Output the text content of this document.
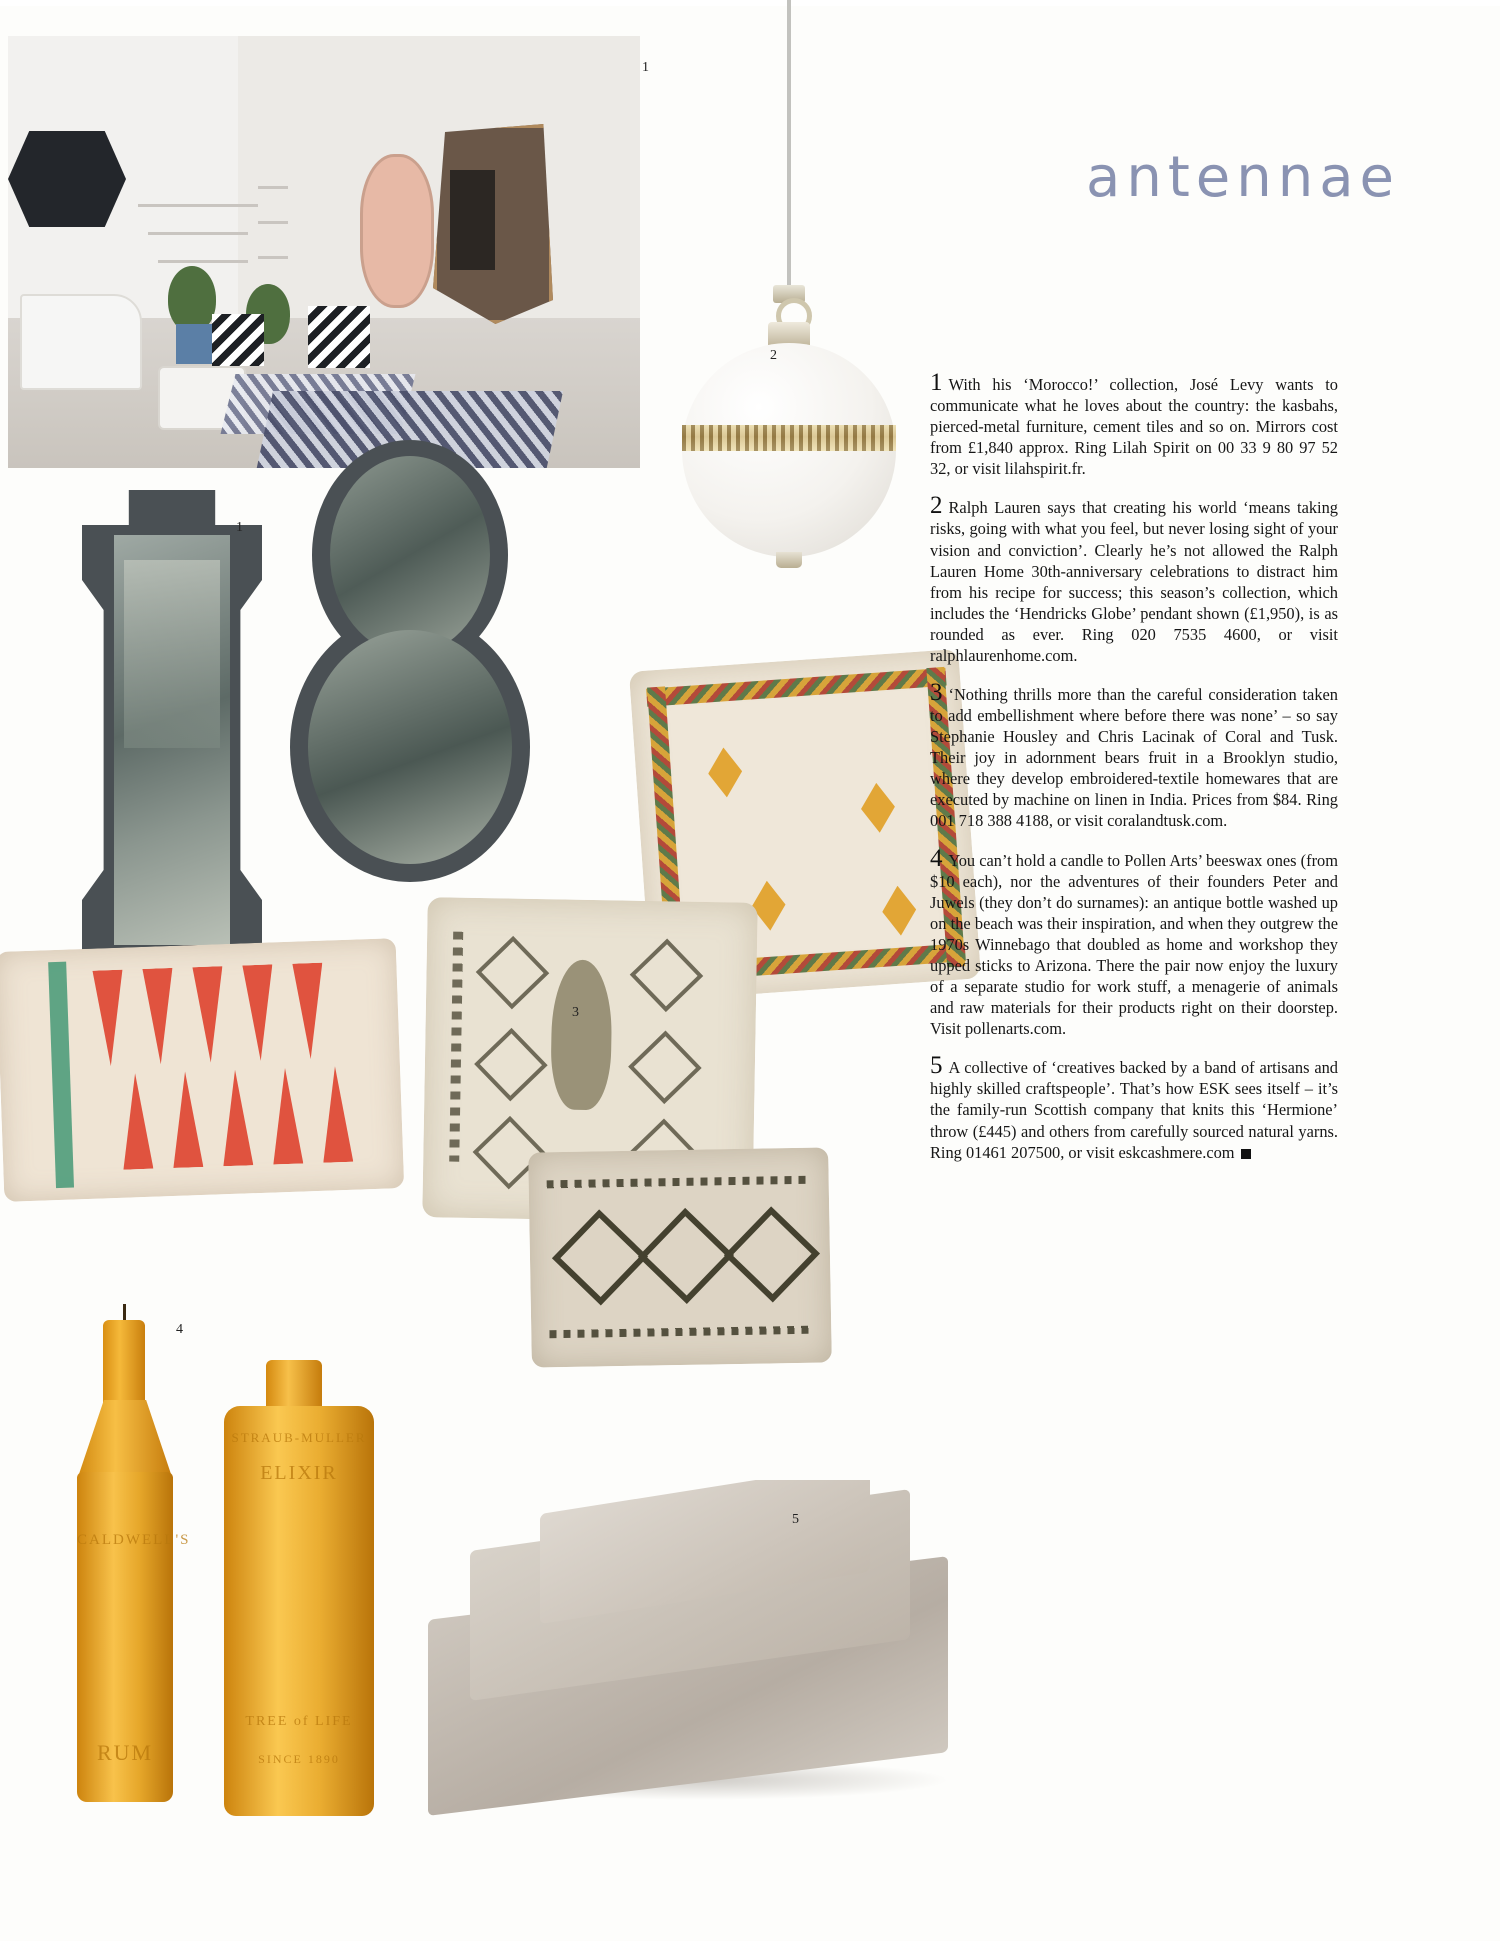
1
1
2
3
CALDWELL'S
RUM
4
STRAUB-MULLER
ELIXIR
TREE of LIFE
SINCE 1890
5
antennae

1 With his ‘Morocco!’ collection, José Levy wants to communicate what he loves about the country: the kasbahs, pierced-metal furniture, cement tiles and so on. Mirrors cost from £1,840 approx. Ring Lilah Spirit on 00 33 9 80 97 52 32, or visit lilahspirit.fr.

2 Ralph Lauren says that creating his world ‘means taking risks, going with what you feel, but never losing sight of your vision and conviction’. Clearly he’s not allowed the Ralph Lauren Home 30th-anniversary celebrations to distract him from his recipe for success; this season’s collection, which includes the ‘Hendricks Globe’ pendant shown (£1,950), is as rounded as ever. Ring 020 7535 4600, or visit ralphlaurenhome.com.

3 ‘Nothing thrills more than the careful consideration taken to add embellishment where before there was none’ – so say Stephanie Housley and Chris Lacinak of Coral and Tusk. Their joy in adornment bears fruit in a Brooklyn studio, where they develop embroidered-textile homewares that are executed by machine on linen in India. Prices from $84. Ring 001 718 388 4188, or visit coralandtusk.com.

4 You can’t hold a candle to Pollen Arts’ beeswax ones (from $10 each), nor the adventures of their founders Peter and Juwels (they don’t do surnames): an antique bottle washed up on the beach was their inspiration, and when they outgrew the 1970s Winnebago that doubled as home and workshop they upped sticks to Arizona. There the pair now enjoy the luxury of a separate studio for work stuff, a menagerie of animals and raw materials for their products right on their doorstep. Visit pollenarts.com.

5 A collective of ‘creatives backed by a band of artisans and highly skilled craftspeople’. That’s how ESK sees itself – it’s the family-run Scottish company that knits this ‘Hermione’ throw (£445) and others from carefully sourced natural yarns. Ring 01461 207500, or visit eskcashmere.com
